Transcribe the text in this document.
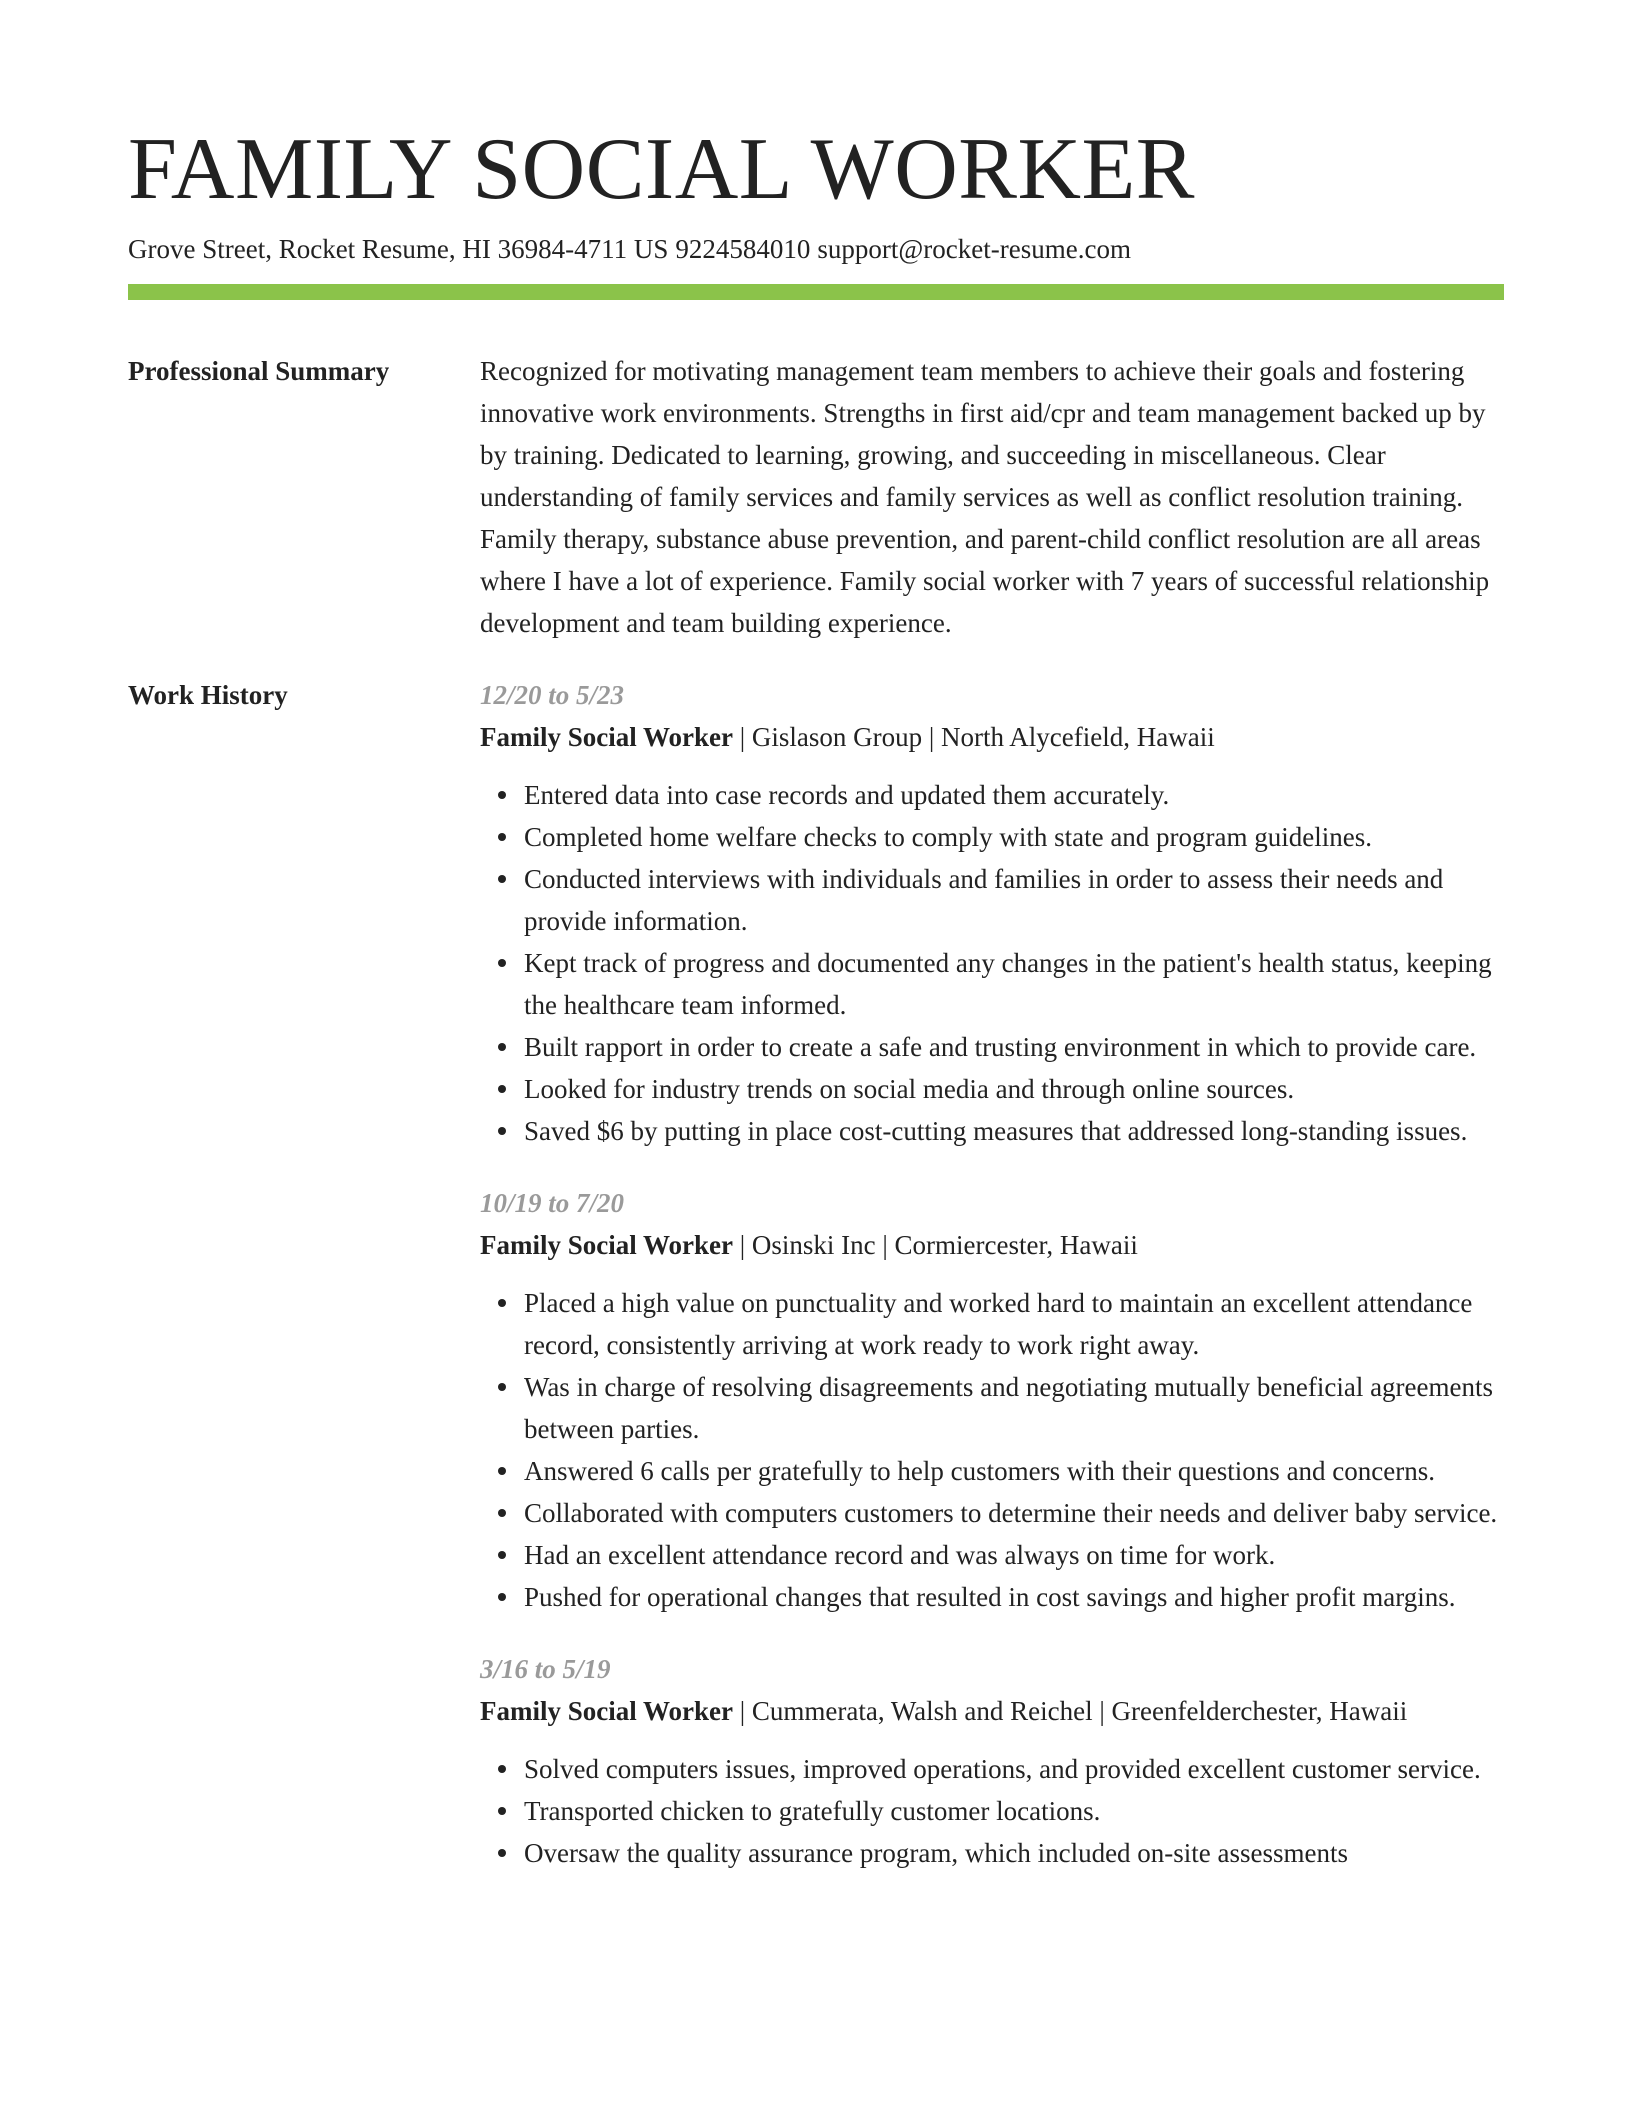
FAMILY SOCIAL WORKER
Grove Street, Rocket Resume, HI 36984-4711 US 9224584010 support@rocket-resume.com
Professional Summary	Recognized for motivating management team members to achieve their goals and fostering innovative work environments. Strengths in first aid/cpr and team management backed up by by training. Dedicated to learning, growing, and succeeding in miscellaneous. Clear understanding of family services and family services as well as conflict resolution training. Family therapy, substance abuse prevention, and parent-child conflict resolution are all areas where I have a lot of experience. Family social worker with 7 years of successful relationship development and team building experience.
Work History	12/20 to 5/23
Family Social Worker | Gislason Group | North Alycefield, Hawaii
Entered data into case records and updated them accurately.
Completed home welfare checks to comply with state and program guidelines.
Conducted interviews with individuals and families in order to assess their needs and provide information.
Kept track of progress and documented any changes in the patient's health status, keeping the healthcare team informed.
Built rapport in order to create a safe and trusting environment in which to provide care.
Looked for industry trends on social media and through online sources.
Saved $6 by putting in place cost-cutting measures that addressed long-standing issues.
10/19 to 7/20
Family Social Worker | Osinski Inc | Cormiercester, Hawaii
Placed a high value on punctuality and worked hard to maintain an excellent attendance record, consistently arriving at work ready to work right away.
Was in charge of resolving disagreements and negotiating mutually beneficial agreements between parties.
Answered 6 calls per gratefully to help customers with their questions and concerns.
Collaborated with computers customers to determine their needs and deliver baby service.
Had an excellent attendance record and was always on time for work.
Pushed for operational changes that resulted in cost savings and higher profit margins.
3/16 to 5/19
Family Social Worker | Cummerata, Walsh and Reichel | Greenfelderchester, Hawaii
Solved computers issues, improved operations, and provided excellent customer service.
Transported chicken to gratefully customer locations.
Oversaw the quality assurance program, which included on-site assessments
